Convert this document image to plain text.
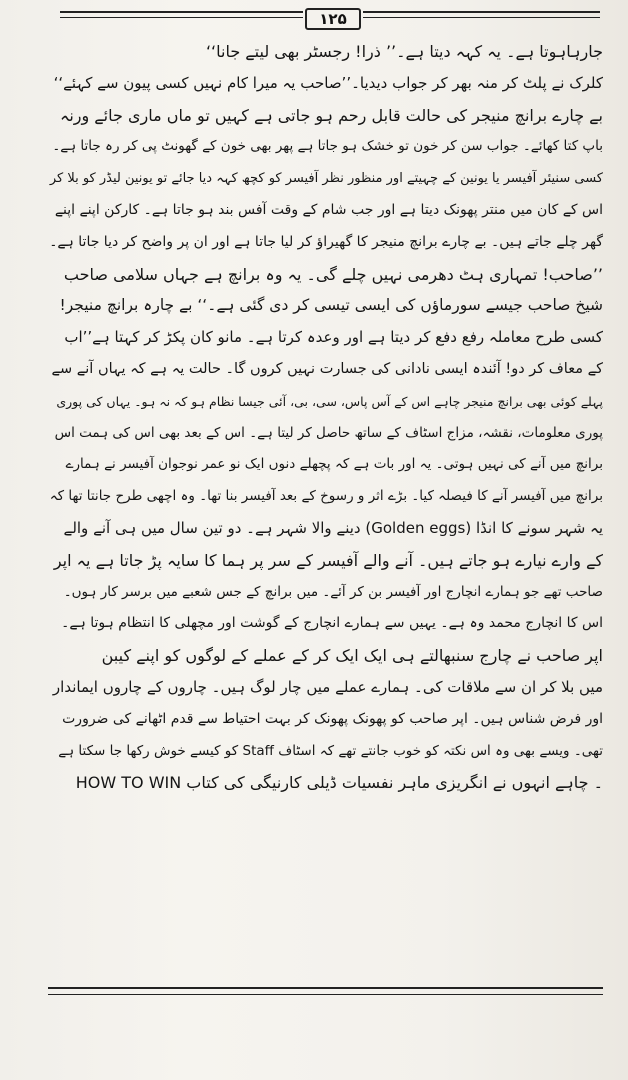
۱۲۵
جارہاہوتا ہے۔ یہ کہہ دیتا ہے۔’’ ذرا! رجسٹر بھی لیتے جانا‘‘
کلرک نے پلٹ کر منہ بھر کر جواب دیدیا۔’’صاحب یہ میرا کام نہیں کسی پیون سے کہئے‘‘
بے چارے برانچ منیجر کی حالت قابل رحم ہو جاتی ہے کہیں تو ماں ماری جائے ورنہ
باپ کتا کھائے۔ جواب سن کر خون تو خشک ہو جاتا ہے پھر بھی خون کے گھونٹ پی کر رہ جاتا ہے۔
کسی سنیئر آفیسر یا یونین کے چہیتے اور منظور نظر آفیسر کو کچھ کہہ دیا جائے تو یونین لیڈر کو بلا کر
اس کے کان میں منتر پھونک دیتا ہے اور جب شام کے وقت آفس بند ہو جاتا ہے۔ کارکن اپنے اپنے
گھر چلے جاتے ہیں۔ بے چارے برانچ منیجر کا گھیراؤ کر لیا جاتا ہے اور ان پر واضح کر دیا جاتا ہے۔
’’صاحب! تمہاری ہٹ دھرمی نہیں چلے گی۔ یہ وہ برانچ ہے جہاں سلامی صاحب
شیخ صاحب جیسے سورماؤں کی ایسی تیسی کر دی گئی ہے۔‘‘ بے چارہ برانچ منیجر!
کسی طرح معاملہ رفع دفع کر دیتا ہے اور وعدہ کرتا ہے۔ مانو کان پکڑ کر کہتا ہے’’اب
کے معاف کر دو! آئندہ ایسی نادانی کی جسارت نہیں کروں گا۔ حالت یہ ہے کہ یہاں آنے سے
پہلے کوئی بھی برانچ منیجر چاہے اس کے آس پاس، سی، بی، آئی جیسا نظام ہو کہ نہ ہو۔ یہاں کی پوری
پوری معلومات، نقشہ، مزاج اسٹاف کے ساتھ حاصل کر لیتا ہے۔ اس کے بعد بھی اس کی ہمت اس
برانچ میں آنے کی نہیں ہوتی۔ یہ اور بات ہے کہ پچھلے دنوں ایک نو عمر نوجوان آفیسر نے ہمارے
برانچ میں آفیسر آنے کا فیصلہ کیا۔ بڑے اثر و رسوخ کے بعد آفیسر بنا تھا۔ وہ اچھی طرح جانتا تھا کہ
یہ شہر سونے کا انڈا (Golden eggs) دینے والا شہر ہے۔ دو تین سال میں ہی آنے والے
کے وارے نیارے ہو جاتے ہیں۔ آنے والے آفیسر کے سر پر ہما کا سایہ پڑ جاتا ہے یہ اپر
صاحب تھے جو ہمارے انچارج اور آفیسر بن کر آئے۔ میں برانچ کے جس شعبے میں برسر کار ہوں۔
اس کا انچارج محمد وہ ہے۔ یہیں سے ہمارے انچارج کے گوشت اور مچھلی کا انتظام ہوتا ہے۔
اپر صاحب نے چارج سنبھالتے ہی ایک ایک کر کے عملے کے لوگوں کو اپنے کیبن
میں بلا کر ان سے ملاقات کی۔ ہمارے عملے میں چار لوگ ہیں۔ چاروں کے چاروں ایماندار
اور فرض شناس ہیں۔ اپر صاحب کو پھونک پھونک کر بہت احتیاط سے قدم اٹھانے کی ضرورت
تھی۔ ویسے بھی وہ اس نکتہ کو خوب جانتے تھے کہ اسٹاف Staff کو کیسے خوش رکھا جا سکتا ہے
۔ چاہے انہوں نے انگریزی ماہر نفسیات ڈیلی کارنیگی کی کتاب HOW TO WIN
